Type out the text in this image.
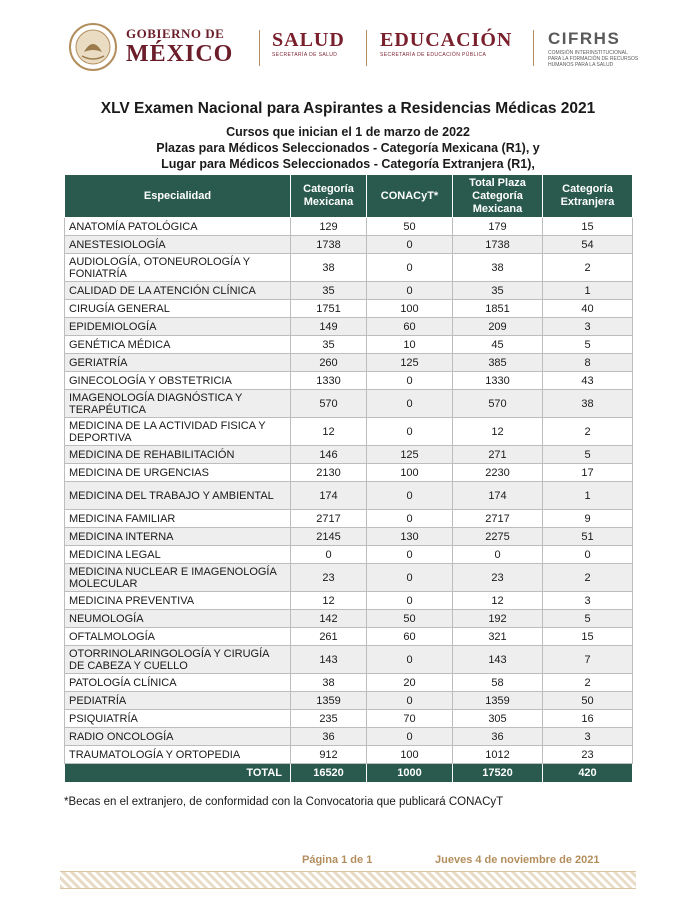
GOBIERNO DE
MÉXICO
SALUD
SECRETARÍA DE SALUD
EDUCACIÓN
SECRETARÍA DE EDUCACIÓN PÚBLICA
CIFRHS
COMISIÓN INTERINSTITUCIONAL PARA LA FORMACIÓN DE RECURSOS HUMANOS PARA LA SALUD
XLV Examen Nacional para Aspirantes a Residencias Médicas 2021
Cursos que inician el 1 de marzo de 2022
Plazas para Médicos Seleccionados - Categoría Mexicana (R1), y
Lugar para Médicos Seleccionados - Categoría Extranjera (R1),
Especialidad	Categoría Mexicana	CONACyT*	Total Plaza Categoría Mexicana	Categoría Extranjera
ANATOMÍA PATOLÓGICA	129	50	179	15
ANESTESIOLOGÍA	1738	0	1738	54
AUDIOLOGÍA, OTONEUROLOGÍA Y FONIATRÍA	38	0	38	2
CALIDAD DE LA ATENCIÓN CLÍNICA	35	0	35	1
CIRUGÍA GENERAL	1751	100	1851	40
EPIDEMIOLOGÍA	149	60	209	3
GENÉTICA MÉDICA	35	10	45	5
GERIATRÍA	260	125	385	8
GINECOLOGÍA Y OBSTETRICIA	1330	0	1330	43
IMAGENOLOGÍA DIAGNÓSTICA Y TERAPÉUTICA	570	0	570	38
MEDICINA DE LA ACTIVIDAD FISICA Y DEPORTIVA	12	0	12	2
MEDICINA DE REHABILITACIÓN	146	125	271	5
MEDICINA DE URGENCIAS	2130	100	2230	17
MEDICINA DEL TRABAJO Y AMBIENTAL	174	0	174	1
MEDICINA FAMILIAR	2717	0	2717	9
MEDICINA INTERNA	2145	130	2275	51
MEDICINA LEGAL	0	0	0	0
MEDICINA NUCLEAR E IMAGENOLOGÍA MOLECULAR	23	0	23	2
MEDICINA PREVENTIVA	12	0	12	3
NEUMOLOGÍA	142	50	192	5
OFTALMOLOGÍA	261	60	321	15
OTORRINOLARINGOLOGÍA Y CIRUGÍA DE CABEZA Y CUELLO	143	0	143	7
PATOLOGÍA CLÍNICA	38	20	58	2
PEDIATRÍA	1359	0	1359	50
PSIQUIATRÍA	235	70	305	16
RADIO ONCOLOGÍA	36	0	36	3
TRAUMATOLOGÍA Y ORTOPEDIA	912	100	1012	23
TOTAL	16520	1000	17520	420
*Becas en el extranjero, de conformidad con la Convocatoria que publicará CONACyT
Página 1 de 1	Jueves 4 de noviembre de 2021
